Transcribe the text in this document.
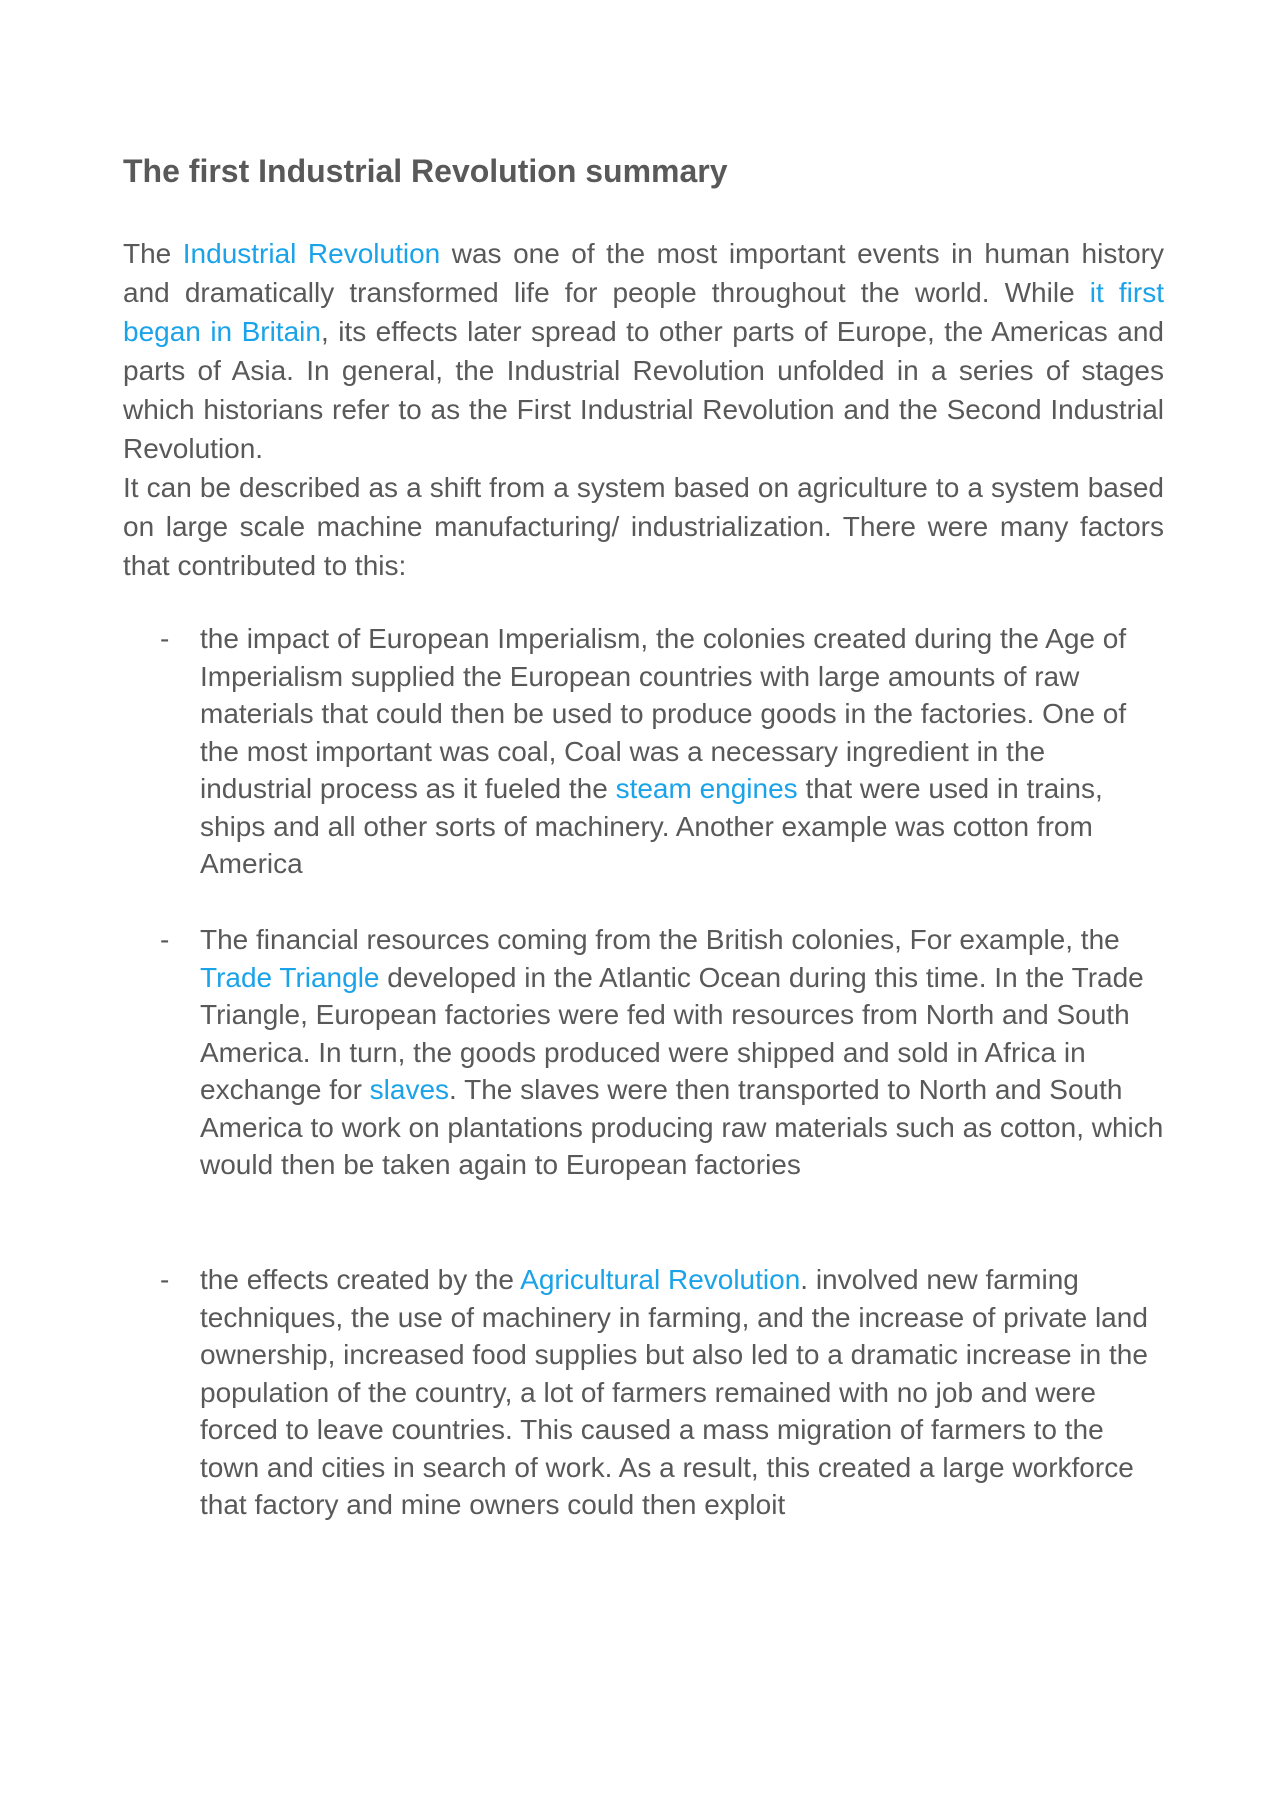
The first Industrial Revolution summary

The Industrial Revolution was one of the most important events in human history and dramatically transformed life for people throughout the world. While it first began in Britain, its effects later spread to other parts of Europe, the Americas and parts of Asia. In general, the Industrial Revolution unfolded in a series of stages which historians refer to as the First Industrial Revolution and the Second Industrial Revolution.

It can be described as a shift from a system based on agriculture to a system based on large scale machine manufacturing/ industrialization. There were many factors that contributed to this:

- the impact of European Imperialism, the colonies created during the Age of Imperialism supplied the European countries with large amounts of raw materials that could then be used to produce goods in the factories. One of the most important was coal, Coal was a necessary ingredient in the industrial process as it fueled the steam engines that were used in trains, ships and all other sorts of machinery. Another example was cotton from America
- The financial resources coming from the British colonies, For example, the Trade Triangle developed in the Atlantic Ocean during this time. In the Trade Triangle, European factories were fed with resources from North and South America. In turn, the goods produced were shipped and sold in Africa in exchange for slaves. The slaves were then transported to North and South America to work on plantations producing raw materials such as cotton, which would then be taken again to European factories
- the effects created by the Agricultural Revolution. involved new farming techniques, the use of machinery in farming, and the increase of private land ownership, increased food supplies but also led to a dramatic increase in the population of the country, a lot of farmers remained with no job and were forced to leave countries. This caused a mass migration of farmers to the town and cities in search of work. As a result, this created a large workforce that factory and mine owners could then exploit
